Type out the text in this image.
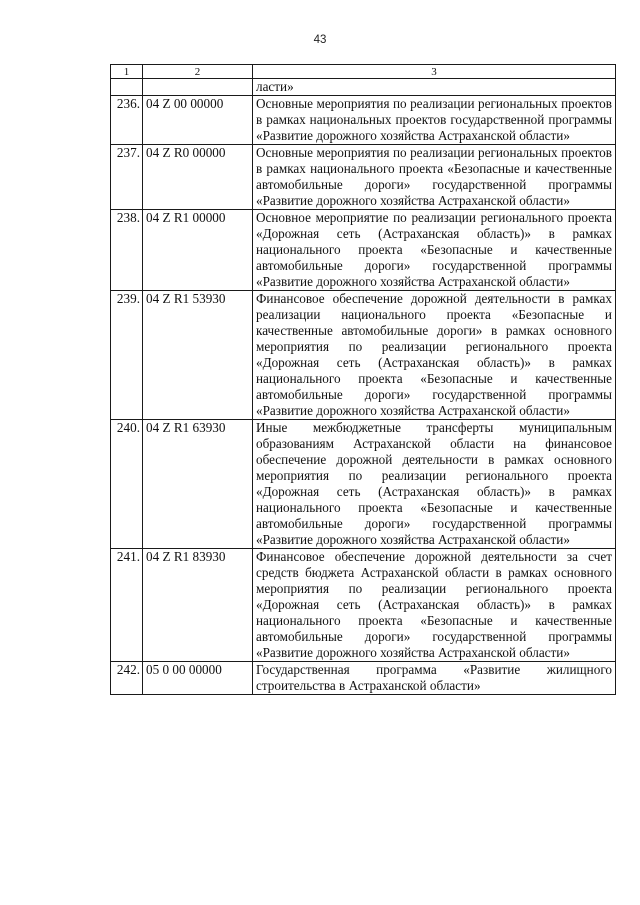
43
1	2	3
		ласти»
236.	04 Z 00 00000	Основные мероприятия по реализации региональных проектов в рамках национальных проектов государственной программы «Развитие дорожного хозяйства Астраханской области»
237.	04 Z R0 00000	Основные мероприятия по реализации региональных проектов в рамках национального проекта «Безопасные и качественные автомобильные дороги» государственной программы «Развитие дорожного хозяйства Астраханской области»
238.	04 Z R1 00000	Основное мероприятие по реализации регионального проекта «Дорожная сеть (Астраханская область)» в рамках национального проекта «Безопасные и качественные автомобильные дороги» государственной программы «Развитие дорожного хозяйства Астраханской области»
239.	04 Z R1 53930	Финансовое обеспечение дорожной деятельности в рамках реализации национального проекта «Безопасные и качественные автомобильные дороги» в рамках основного мероприятия по реализации регионального проекта «Дорожная сеть (Астраханская область)» в рамках национального проекта «Безопасные и качественные автомобильные дороги» государственной программы «Развитие дорожного хозяйства Астраханской области»
240.	04 Z R1 63930	Иные межбюджетные трансферты муниципальным образованиям Астраханской области на финансовое обеспечение дорожной деятельности в рамках основного мероприятия по реализации регионального проекта «Дорожная сеть (Астраханская область)» в рамках национального проекта «Безопасные и качественные автомобильные дороги» государственной программы «Развитие дорожного хозяйства Астраханской области»
241.	04 Z R1 83930	Финансовое обеспечение дорожной деятельности за счет средств бюджета Астраханской области в рамках основного мероприятия по реализации регионального проекта «Дорожная сеть (Астраханская область)» в рамках национального проекта «Безопасные и качественные автомобильные дороги» государственной программы «Развитие дорожного хозяйства Астраханской области»
242.	05 0 00 00000	Государственная программа «Развитие жилищного строительства в Астраханской области»
